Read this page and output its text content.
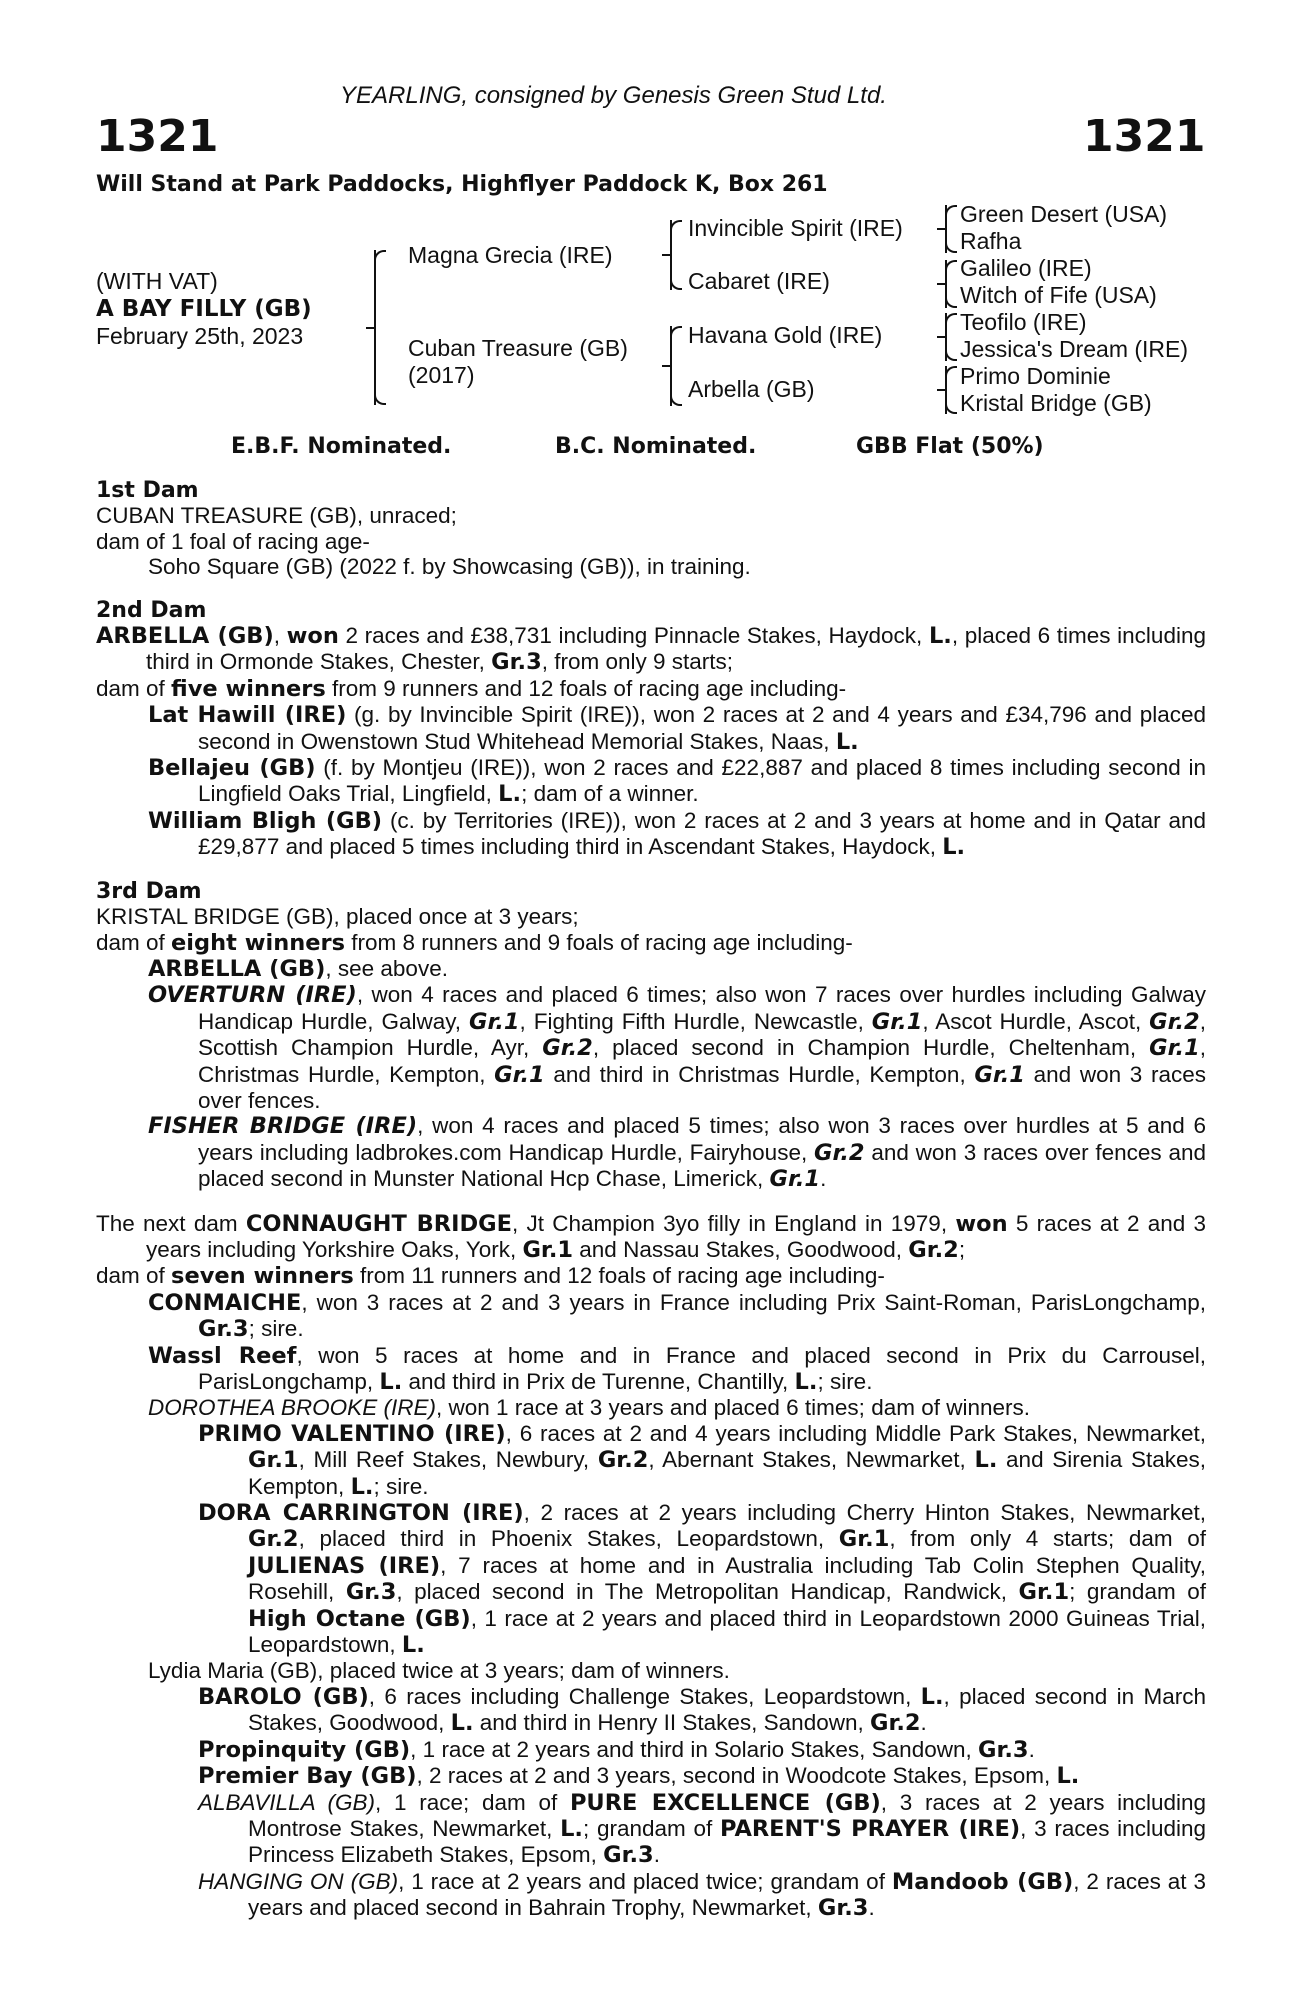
YEARLING, consigned by Genesis Green Stud Ltd.
1321	1321
Will Stand at Park Paddocks, Highflyer Paddock K, Box 261
(WITH VAT)
A BAY FILLY (GB)
February 25th, 2023
Magna Grecia (IRE)
Cuban Treasure (GB)
(2017)
Invincible Spirit (IRE)
Cabaret (IRE)
Havana Gold (IRE)
Arbella (GB)
Green Desert (USA)
Rafha
Galileo (IRE)
Witch of Fife (USA)
Teofilo (IRE)
Jessica's Dream (IRE)
Primo Dominie
Kristal Bridge (GB)
E.B.F. Nominated.	B.C. Nominated.	GBB Flat (50%)
1st Dam
CUBAN TREASURE (GB), unraced;
dam of 1 foal of racing age-
Soho Square (GB) (2022 f. by Showcasing (GB)), in training.
2nd Dam
ARBELLA (GB), won 2 races and £38,731 including Pinnacle Stakes, Haydock, L., placed 6 times including third in Ormonde Stakes, Chester, Gr.3, from only 9 starts;
dam of five winners from 9 runners and 12 foals of racing age including-
Lat Hawill (IRE) (g. by Invincible Spirit (IRE)), won 2 races at 2 and 4 years and £34,796 and placed second in Owenstown Stud Whitehead Memorial Stakes, Naas, L.
Bellajeu (GB) (f. by Montjeu (IRE)), won 2 races and £22,887 and placed 8 times including second in Lingfield Oaks Trial, Lingfield, L.; dam of a winner.
William Bligh (GB) (c. by Territories (IRE)), won 2 races at 2 and 3 years at home and in Qatar and £29,877 and placed 5 times including third in Ascendant Stakes, Haydock, L.
3rd Dam
KRISTAL BRIDGE (GB), placed once at 3 years;
dam of eight winners from 8 runners and 9 foals of racing age including-
ARBELLA (GB), see above.
OVERTURN (IRE), won 4 races and placed 6 times; also won 7 races over hurdles including Galway Handicap Hurdle, Galway, Gr.1, Fighting Fifth Hurdle, Newcastle, Gr.1, Ascot Hurdle, Ascot, Gr.2, Scottish Champion Hurdle, Ayr, Gr.2, placed second in Champion Hurdle, Cheltenham, Gr.1, Christmas Hurdle, Kempton, Gr.1 and third in Christmas Hurdle, Kempton, Gr.1 and won 3 races over fences.
FISHER BRIDGE (IRE), won 4 races and placed 5 times; also won 3 races over hurdles at 5 and 6 years including ladbrokes.com Handicap Hurdle, Fairyhouse, Gr.2 and won 3 races over fences and placed second in Munster National Hcp Chase, Limerick, Gr.1.
The next dam CONNAUGHT BRIDGE, Jt Champion 3yo filly in England in 1979, won 5 races at 2 and 3 years including Yorkshire Oaks, York, Gr.1 and Nassau Stakes, Goodwood, Gr.2;
dam of seven winners from 11 runners and 12 foals of racing age including-
CONMAICHE, won 3 races at 2 and 3 years in France including Prix Saint-Roman, ParisLongchamp, Gr.3; sire.
Wassl Reef, won 5 races at home and in France and placed second in Prix du Carrousel, ParisLongchamp, L. and third in Prix de Turenne, Chantilly, L.; sire.
DOROTHEA BROOKE (IRE), won 1 race at 3 years and placed 6 times; dam of winners.
PRIMO VALENTINO (IRE), 6 races at 2 and 4 years including Middle Park Stakes, Newmarket, Gr.1, Mill Reef Stakes, Newbury, Gr.2, Abernant Stakes, Newmarket, L. and Sirenia Stakes, Kempton, L.; sire.
DORA CARRINGTON (IRE), 2 races at 2 years including Cherry Hinton Stakes, Newmarket, Gr.2, placed third in Phoenix Stakes, Leopardstown, Gr.1, from only 4 starts; dam of JULIENAS (IRE), 7 races at home and in Australia including Tab Colin Stephen Quality, Rosehill, Gr.3, placed second in The Metropolitan Handicap, Randwick, Gr.1; grandam of High Octane (GB), 1 race at 2 years and placed third in Leopardstown 2000 Guineas Trial, Leopardstown, L.
Lydia Maria (GB), placed twice at 3 years; dam of winners.
BAROLO (GB), 6 races including Challenge Stakes, Leopardstown, L., placed second in March Stakes, Goodwood, L. and third in Henry II Stakes, Sandown, Gr.2.
Propinquity (GB), 1 race at 2 years and third in Solario Stakes, Sandown, Gr.3.
Premier Bay (GB), 2 races at 2 and 3 years, second in Woodcote Stakes, Epsom, L.
ALBAVILLA (GB), 1 race; dam of PURE EXCELLENCE (GB), 3 races at 2 years including Montrose Stakes, Newmarket, L.; grandam of PARENT'S PRAYER (IRE), 3 races including Princess Elizabeth Stakes, Epsom, Gr.3.
HANGING ON (GB), 1 race at 2 years and placed twice; grandam of Mandoob (GB), 2 races at 3 years and placed second in Bahrain Trophy, Newmarket, Gr.3.
